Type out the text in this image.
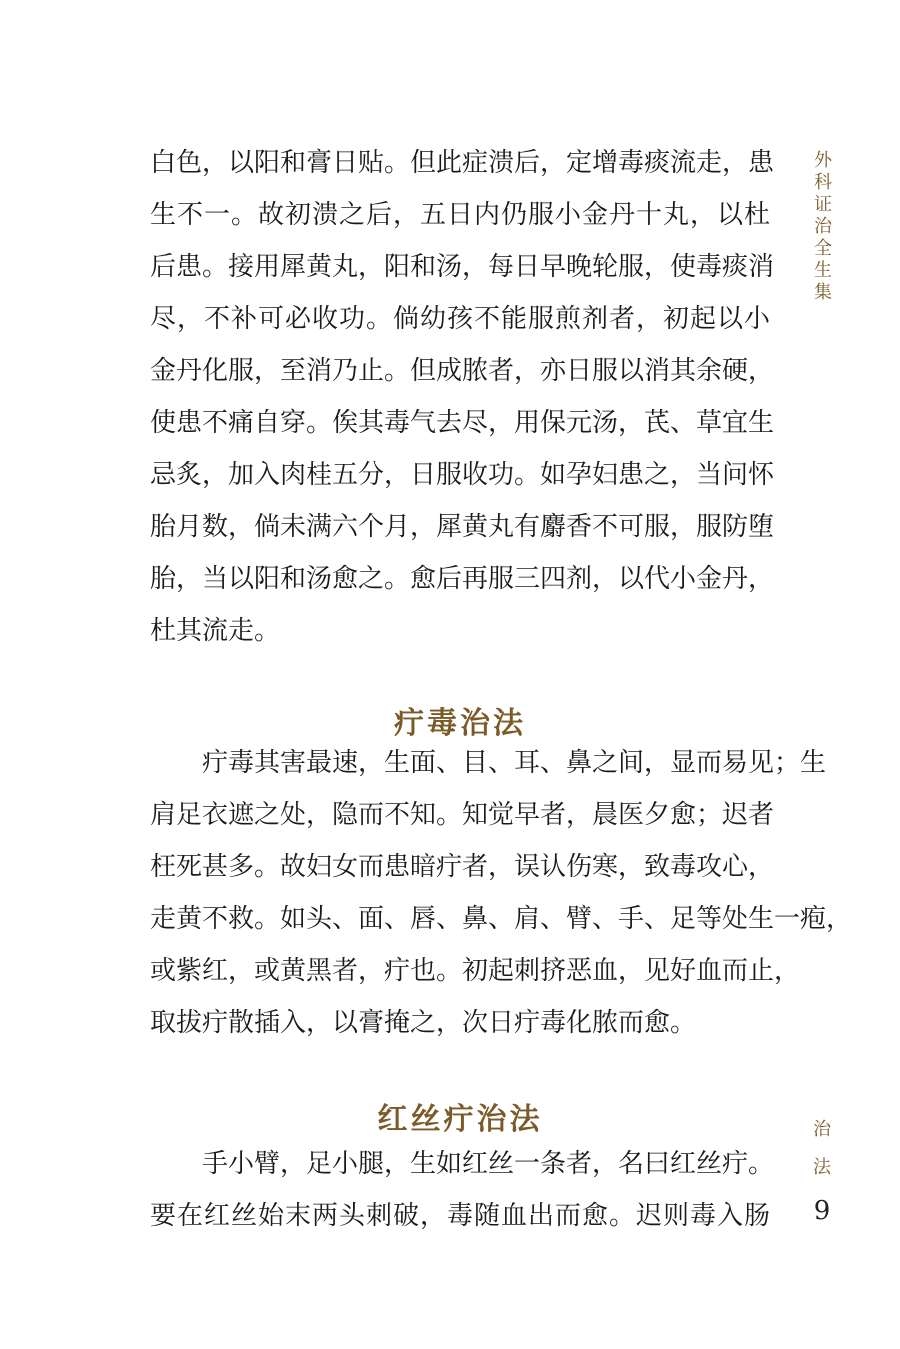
外科证治全生集
治
法
9
白色，以阳和膏日贴。但此症溃后，定增毒痰流走，患
生不一。故初溃之后，五日内仍服小金丹十丸，以杜
后患。接用犀黄丸，阳和汤，每日早晚轮服，使毒痰消
尽，不补可必收功。倘幼孩不能服煎剂者，初起以小
金丹化服，至消乃止。但成脓者，亦日服以消其余硬，
使患不痛自穿。俟其毒气去尽，用保元汤，芪、草宜生
忌炙，加入肉桂五分，日服收功。如孕妇患之，当问怀
胎月数，倘未满六个月，犀黄丸有麝香不可服，服防堕
胎，当以阳和汤愈之。愈后再服三四剂，以代小金丹，
杜其流走。
疔毒治法
疔毒其害最速，生面、目、耳、鼻之间，显而易见；生
肩足衣遮之处，隐而不知。知觉早者，晨医夕愈；迟者
枉死甚多。故妇女而患暗疔者，误认伤寒，致毒攻心，
走黄不救。如头、面、唇、鼻、肩、臂、手、足等处生一疱，
或紫红，或黄黑者，疔也。初起刺挤恶血，见好血而止，
取拔疔散插入，以膏掩之，次日疔毒化脓而愈。
红丝疔治法
手小臂，足小腿，生如红丝一条者，名曰红丝疔。
要在红丝始末两头刺破，毒随血出而愈。迟则毒入肠
